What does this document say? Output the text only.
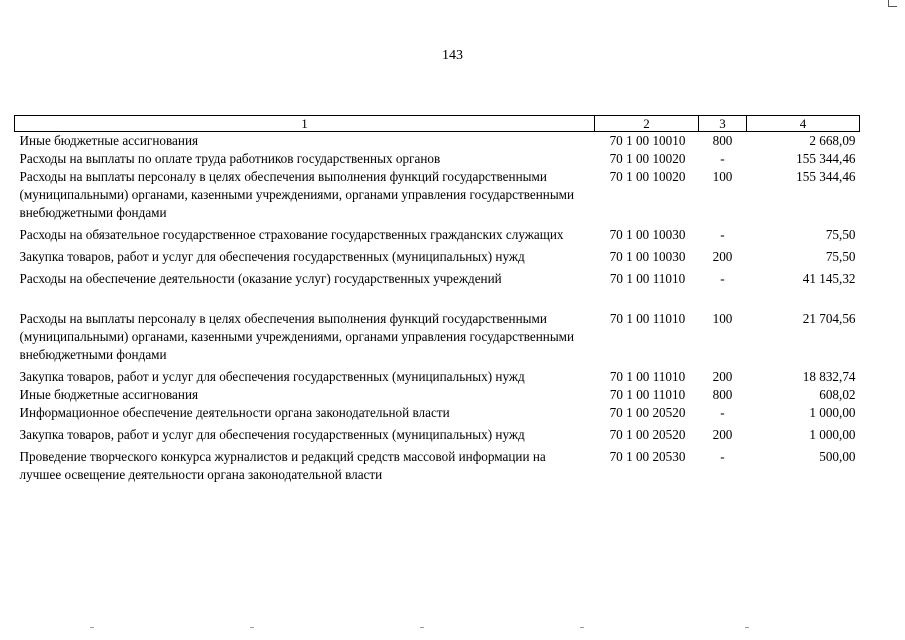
143
1	2	3	4
Иные бюджетные ассигнования	70 1 00 10010	800	2 668,09
Расходы на выплаты по оплате труда работников государственных органов	70 1 00 10020	-	155 344,46
Расходы на выплаты персоналу в целях обеспечения выполнения функций государственными (муниципальными) органами, казенными учреждениями, органами управления государственными внебюджетными фондами	70 1 00 10020	100	155 344,46
Расходы на обязательное государственное страхование государственных гражданских служащих	70 1 00 10030	-	75,50
Закупка товаров, работ и услуг для обеспечения государственных (муниципальных) нужд	70 1 00 10030	200	75,50
Расходы на обеспечение деятельности (оказание услуг) государственных учреждений	70 1 00 11010	-	41 145,32
Расходы на выплаты персоналу в целях обеспечения выполнения функций государственными (муниципальными) органами, казенными учреждениями, органами управления государственными внебюджетными фондами	70 1 00 11010	100	21 704,56
Закупка товаров, работ и услуг для обеспечения государственных (муниципальных) нужд	70 1 00 11010	200	18 832,74
Иные бюджетные ассигнования	70 1 00 11010	800	608,02
Информационное обеспечение деятельности органа законодательной власти	70 1 00 20520	-	1 000,00
Закупка товаров, работ и услуг для обеспечения государственных (муниципальных) нужд	70 1 00 20520	200	1 000,00
Проведение творческого конкурса журналистов и редакций средств массовой информации на лучшее освещение деятельности органа законодательной власти	70 1 00 20530	-	500,00
